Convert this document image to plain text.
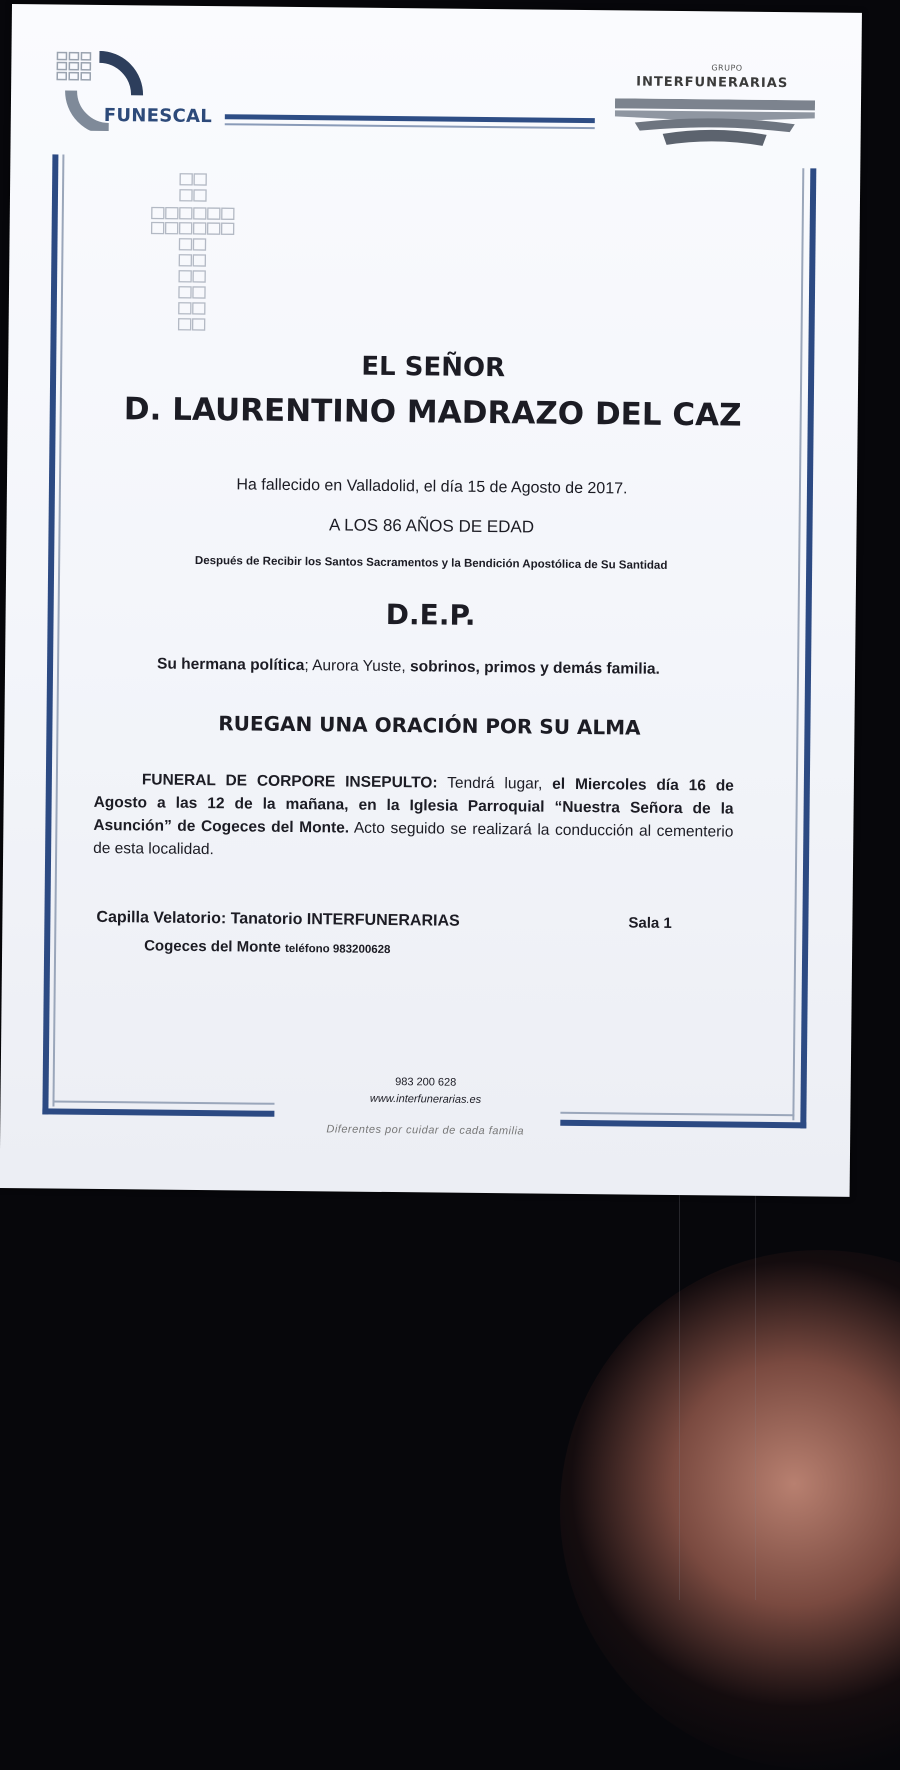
FUNESCAL
GRUPO
INTERFUNERARIAS
EL SEÑOR
D. LAURENTINO MADRAZO DEL CAZ
Ha fallecido en Valladolid, el día 15 de Agosto de 2017.
A LOS 86 AÑOS DE EDAD
Después de Recibir los Santos Sacramentos y la Bendición Apostólica de Su Santidad
D.E.P.
Su hermana política; Aurora Yuste, sobrinos, primos y demás familia.
RUEGAN UNA ORACIÓN POR SU ALMA
FUNERAL DE CORPORE INSEPULTO: Tendrá lugar, el Miercoles día 16 de Agosto a las 12 de la mañana, en la Iglesia Parroquial “Nuestra Señora de la Asunción” de Cogeces del Monte. Acto seguido se realizará la conducción al cementerio de esta localidad.
Capilla Velatorio: Tanatorio INTERFUNERARIAS	Sala 1
Cogeces del Monte teléfono 983200628
983 200 628
www.interfunerarias.es
Diferentes por cuidar de cada familia
